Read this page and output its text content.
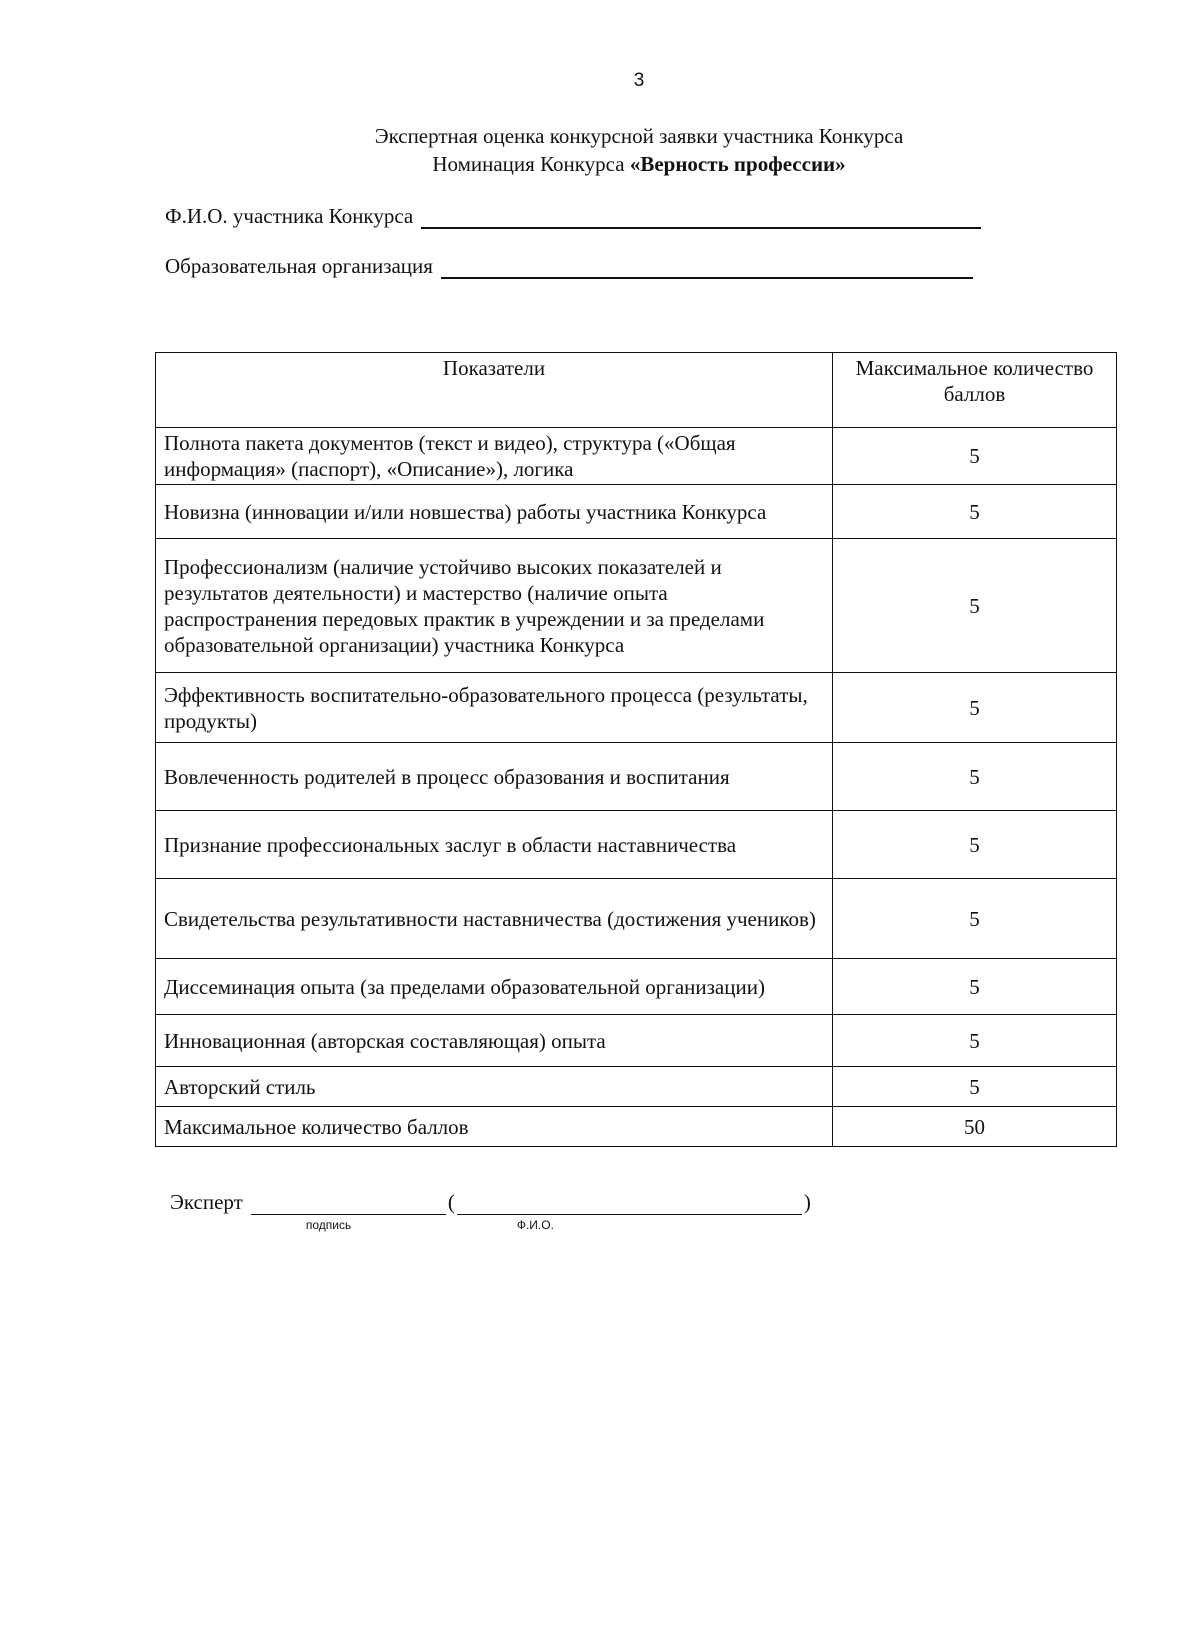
3
Экспертная оценка конкурсной заявки участника Конкурса
Номинация Конкурса «Верность профессии»
Ф.И.О. участника Конкурса
Образовательная организация
Показатели	Максимальное количество баллов
Полнота пакета документов (текст и видео), структура («Общая информация» (паспорт), «Описание»), логика	5
Новизна (инновации и/или новшества) работы участника Конкурса	5
Профессионализм (наличие устойчиво высоких показателей и результатов деятельности) и мастерство (наличие опыта распространения передовых практик в учреждении и за пределами образовательной организации) участника Конкурса	5
Эффективность воспитательно-образовательного процесса (результаты, продукты)	5
Вовлеченность родителей в процесс образования и воспитания	5
Признание профессиональных заслуг в области наставничества	5
Свидетельства результативности наставничества (достижения учеников)	5
Диссеминация опыта (за пределами образовательной организации)	5
Инновационная (авторская составляющая) опыта	5
Авторский стиль	5
Максимальное количество баллов	50
Эксперт
подпись
(
Ф.И.О.
)
